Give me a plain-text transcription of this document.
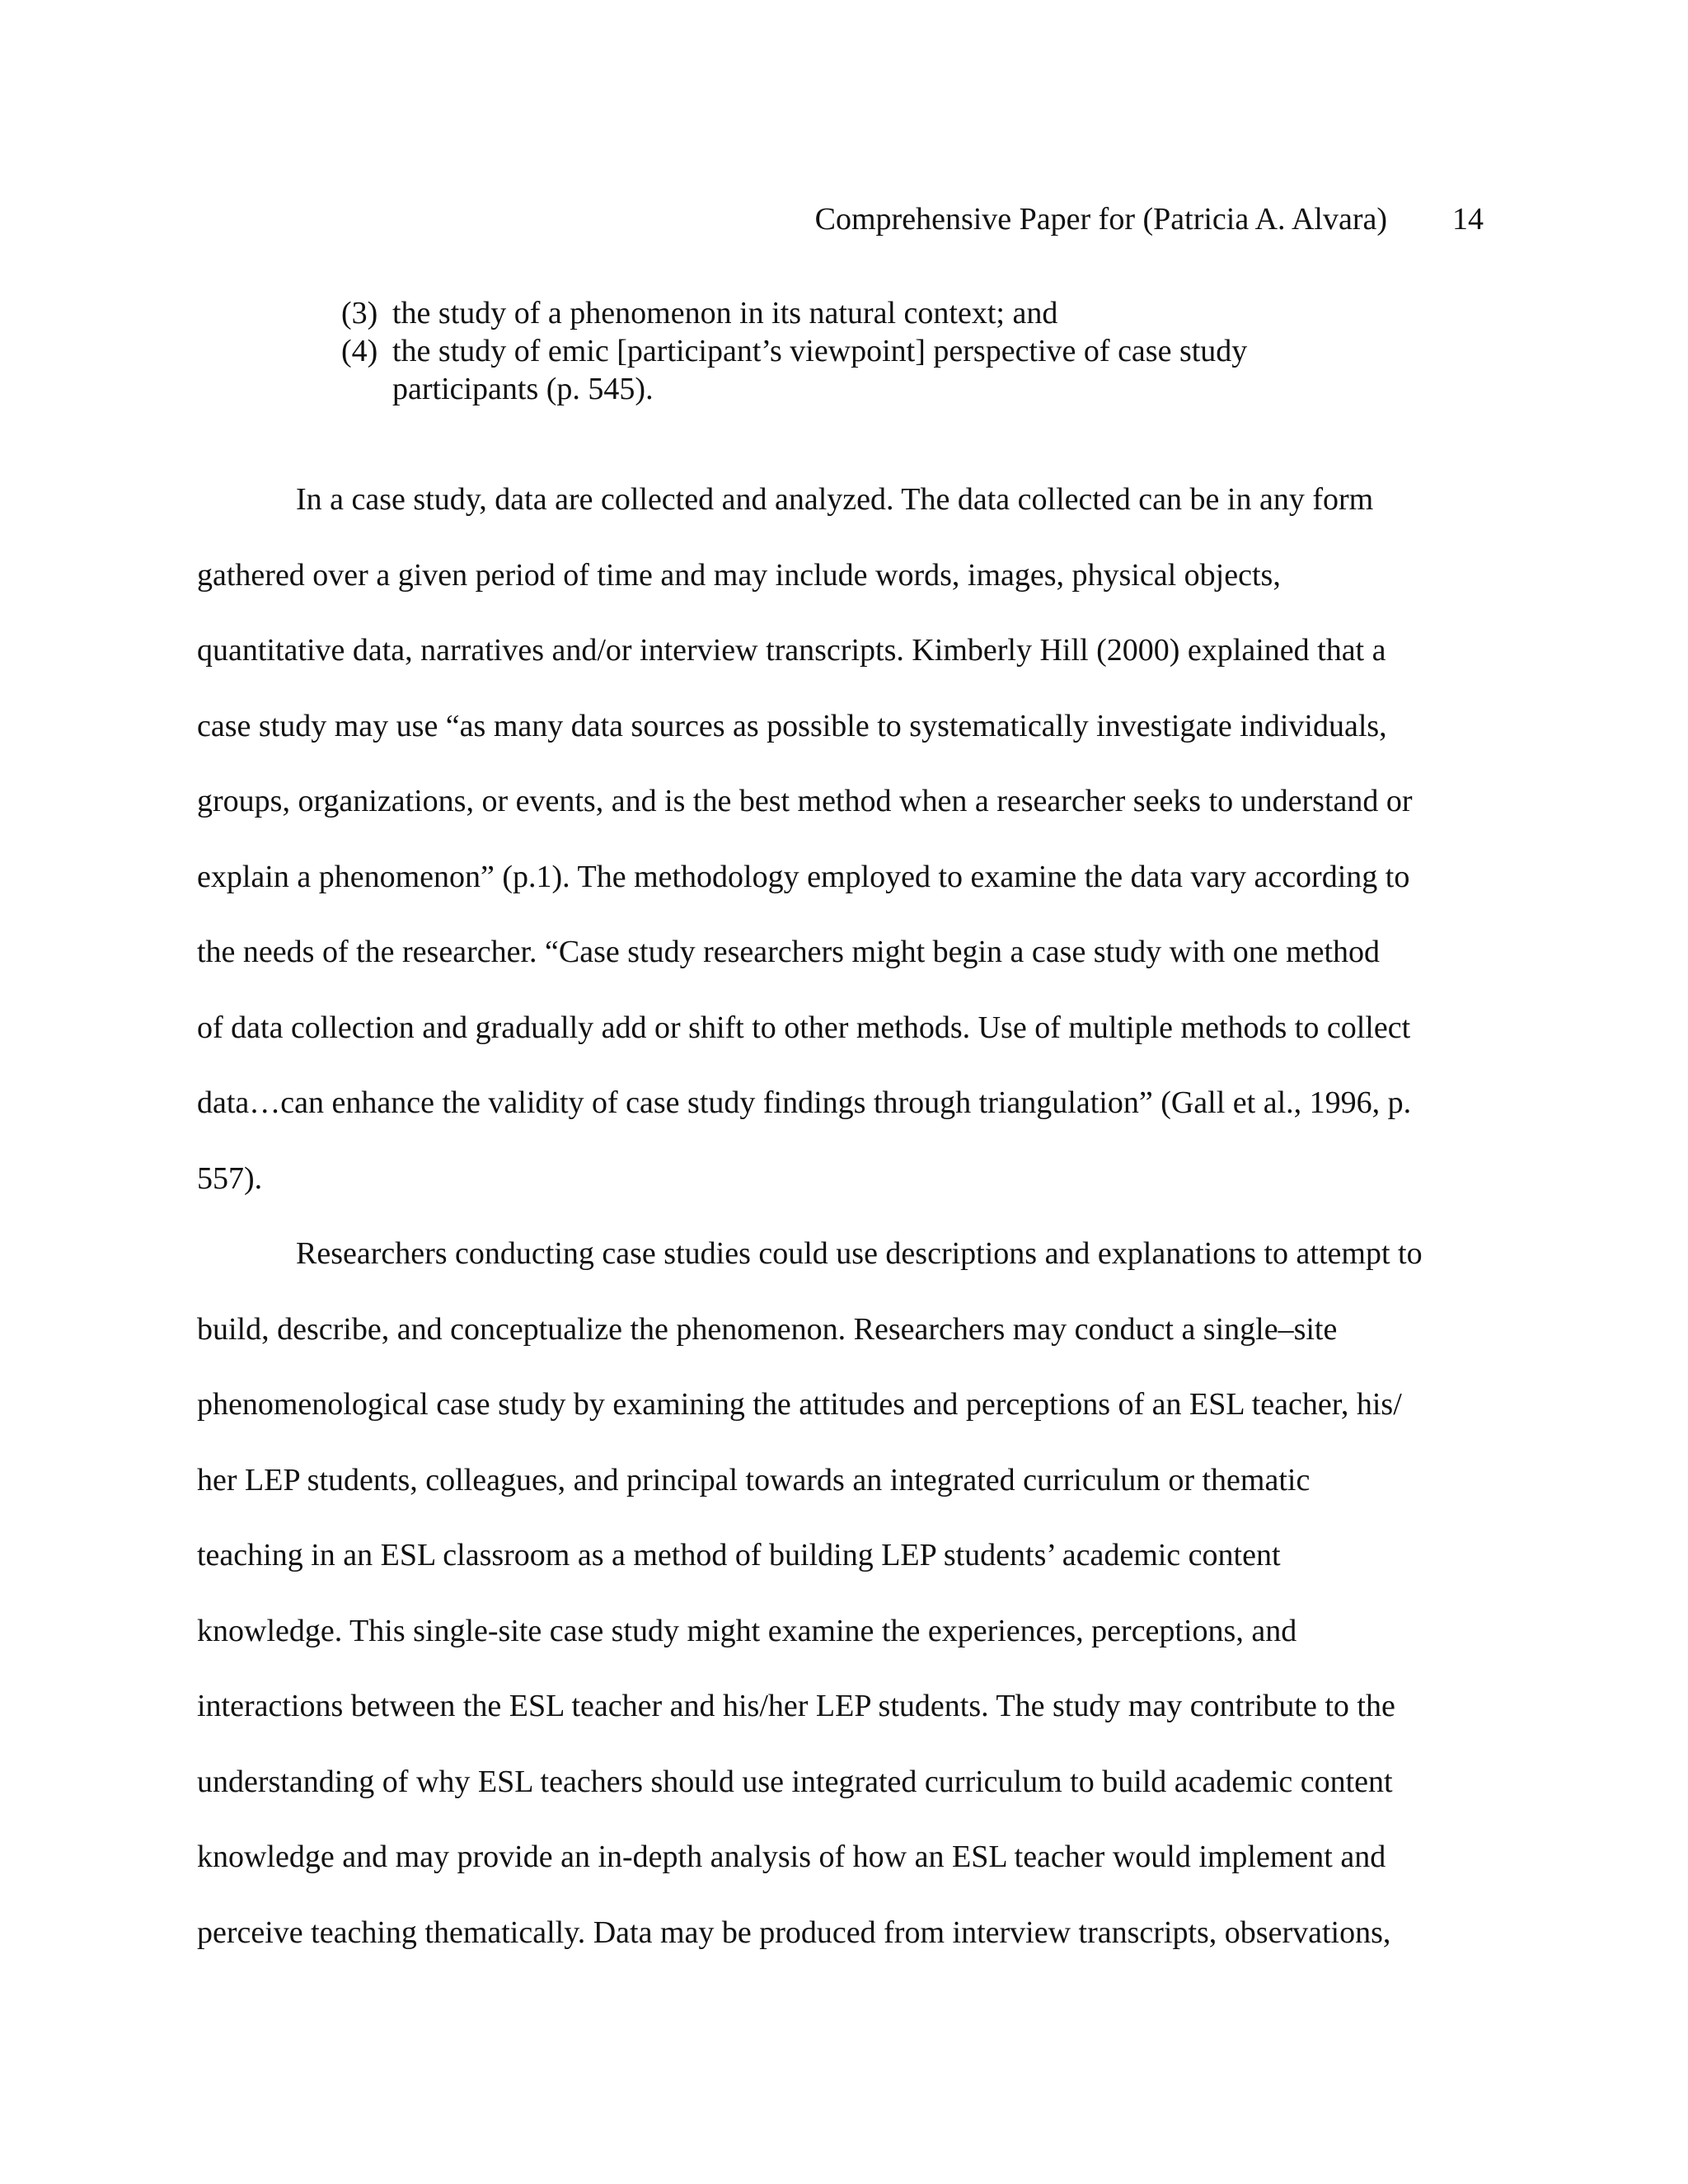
Comprehensive Paper for (Patricia A. Alvara) 14
(3) the study of a phenomenon in its natural context; and
(4) the study of emic [participant’s viewpoint] perspective of case study
participants (p. 545).
In a case study, data are collected and analyzed. The data collected can be in any form
gathered over a given period of time and may include words, images, physical objects,
quantitative data, narratives and/or interview transcripts. Kimberly Hill (2000) explained that a
case study may use “as many data sources as possible to systematically investigate individuals,
groups, organizations, or events, and is the best method when a researcher seeks to understand or
explain a phenomenon” (p.1). The methodology employed to examine the data vary according to
the needs of the researcher. “Case study researchers might begin a case study with one method
of data collection and gradually add or shift to other methods. Use of multiple methods to collect
data…can enhance the validity of case study findings through triangulation” (Gall et al., 1996, p.
557).
Researchers conducting case studies could use descriptions and explanations to attempt to
build, describe, and conceptualize the phenomenon. Researchers may conduct a single–site
phenomenological case study by examining the attitudes and perceptions of an ESL teacher, his/
her LEP students, colleagues, and principal towards an integrated curriculum or thematic
teaching in an ESL classroom as a method of building LEP students’ academic content
knowledge. This single-site case study might examine the experiences, perceptions, and
interactions between the ESL teacher and his/her LEP students. The study may contribute to the
understanding of why ESL teachers should use integrated curriculum to build academic content
knowledge and may provide an in-depth analysis of how an ESL teacher would implement and
perceive teaching thematically. Data may be produced from interview transcripts, observations,
